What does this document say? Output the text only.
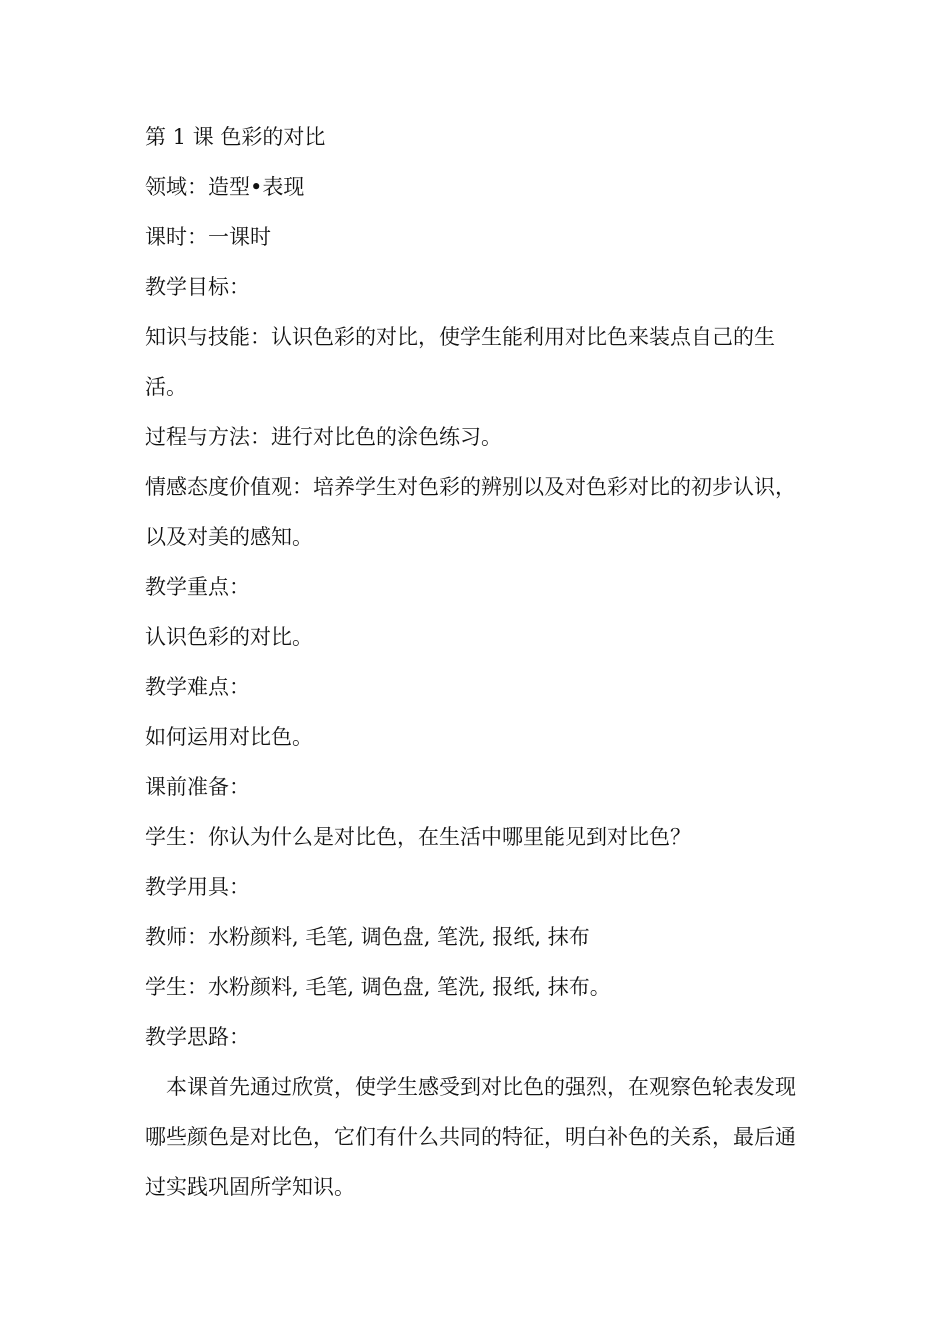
第 1 课 色彩的对比

领域：造型•表现

课时：一课时

教学目标：

知识与技能：认识色彩的对比，使学生能利用对比色来装点自己的生活。

过程与方法：进行对比色的涂色练习。

情感态度价值观：培养学生对色彩的辨别以及对色彩对比的初步认识，以及对美的感知。

教学重点：

认识色彩的对比。

教学难点：

如何运用对比色。

课前准备：

学生：你认为什么是对比色，在生活中哪里能见到对比色？

教学用具：

教师：水粉颜料, 毛笔, 调色盘, 笔洗, 报纸, 抹布

学生：水粉颜料, 毛笔, 调色盘, 笔洗, 报纸, 抹布。

教学思路：

本课首先通过欣赏，使学生感受到对比色的强烈，在观察色轮表发现哪些颜色是对比色，它们有什么共同的特征，明白补色的关系，最后通过实践巩固所学知识。
